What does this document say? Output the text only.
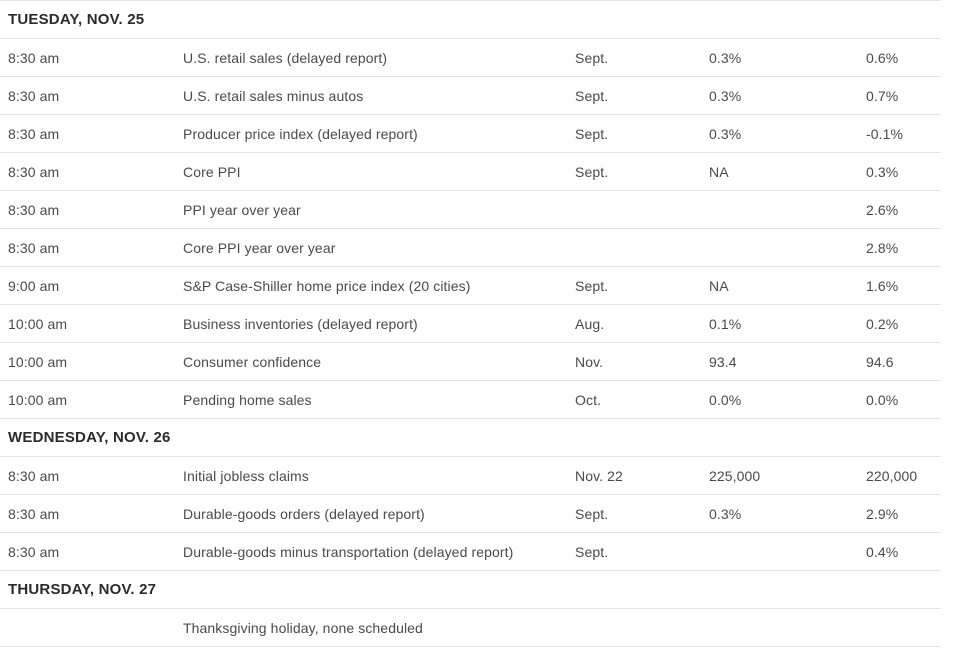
TUESDAY, NOV. 25				
8:30 am	U.S. retail sales (delayed report)	Sept.	0.3%	0.6%
8:30 am	U.S. retail sales minus autos	Sept.	0.3%	0.7%
8:30 am	Producer price index (delayed report)	Sept.	0.3%	-0.1%
8:30 am	Core PPI	Sept.	NA	0.3%
8:30 am	PPI year over year			2.6%
8:30 am	Core PPI year over year			2.8%
9:00 am	S&P Case-Shiller home price index (20 cities)	Sept.	NA	1.6%
10:00 am	Business inventories (delayed report)	Aug.	0.1%	0.2%
10:00 am	Consumer confidence	Nov.	93.4	94.6
10:00 am	Pending home sales	Oct.	0.0%	0.0%
WEDNESDAY, NOV. 26				
8:30 am	Initial jobless claims	Nov. 22	225,000	220,000
8:30 am	Durable-goods orders (delayed report)	Sept.	0.3%	2.9%
8:30 am	Durable-goods minus transportation (delayed report)	Sept.		0.4%
THURSDAY, NOV. 27				
	Thanksgiving holiday, none scheduled			
